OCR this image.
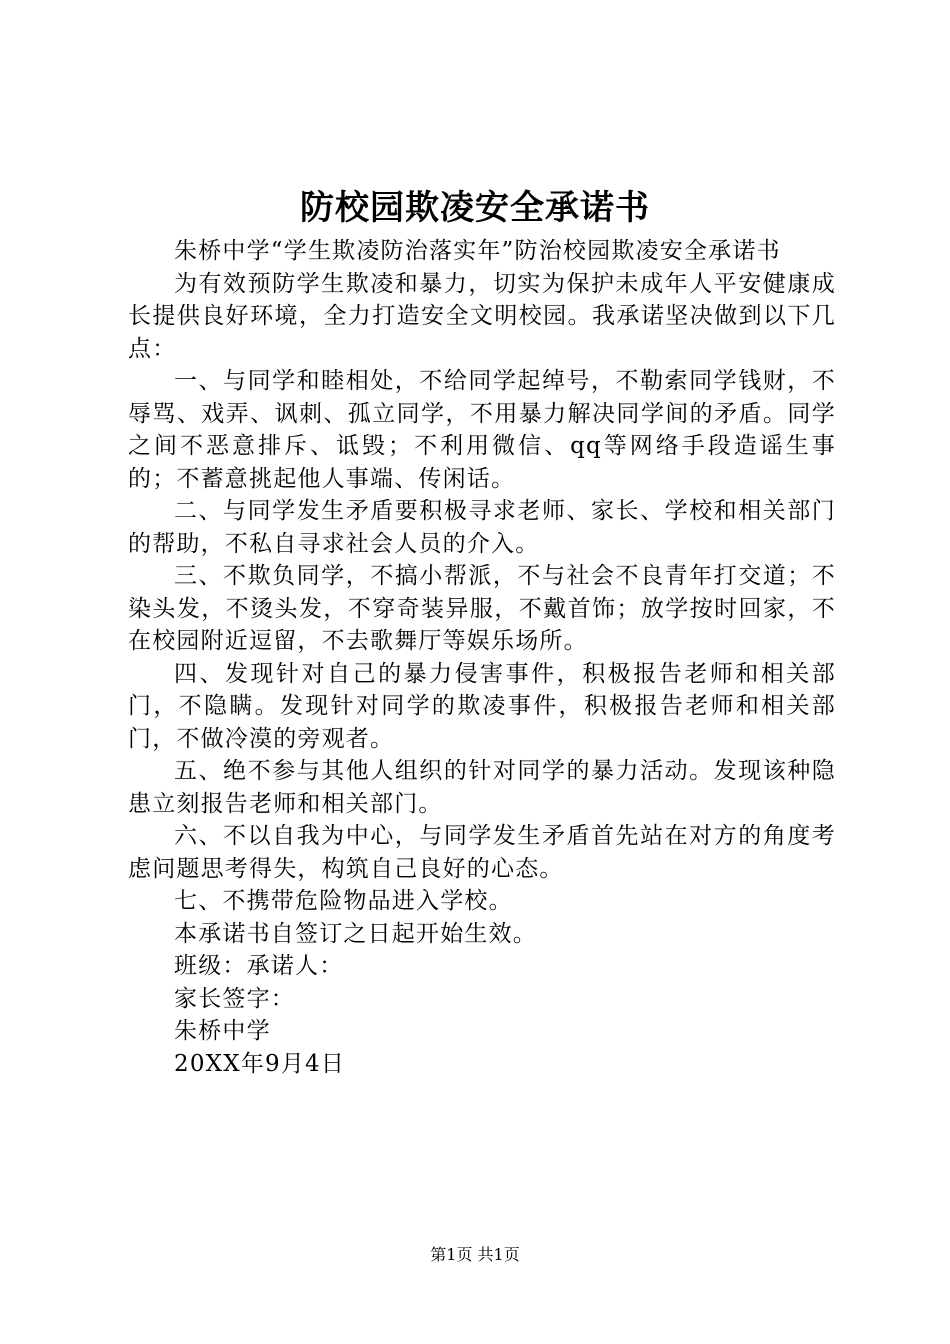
防校园欺凌安全承诺书

朱桥中学“学生欺凌防治落实年”防治校园欺凌安全承诺书

为有效预防学生欺凌和暴力，切实为保护未成年人平安健康成长提供良好环境，全力打造安全文明校园。我承诺坚决做到以下几点：

一、与同学和睦相处，不给同学起绰号，不勒索同学钱财，不辱骂、戏弄、讽刺、孤立同学，不用暴力解决同学间的矛盾。同学之间不恶意排斥、诋毁；不利用微信、qq等网络手段造谣生事的；不蓄意挑起他人事端、传闲话。

二、与同学发生矛盾要积极寻求老师、家长、学校和相关部门的帮助，不私自寻求社会人员的介入。

三、不欺负同学，不搞小帮派，不与社会不良青年打交道；不染头发，不烫头发，不穿奇装异服，不戴首饰；放学按时回家，不在校园附近逗留，不去歌舞厅等娱乐场所。

四、发现针对自己的暴力侵害事件，积极报告老师和相关部门，不隐瞒。发现针对同学的欺凌事件，积极报告老师和相关部门，不做冷漠的旁观者。

五、绝不参与其他人组织的针对同学的暴力活动。发现该种隐患立刻报告老师和相关部门。

六、不以自我为中心，与同学发生矛盾首先站在对方的角度考虑问题思考得失，构筑自己良好的心态。

七、不携带危险物品进入学校。

本承诺书自签订之日起开始生效。

班级：承诺人：

家长签字：

朱桥中学

20XX年9月4日

第1页 共1页
